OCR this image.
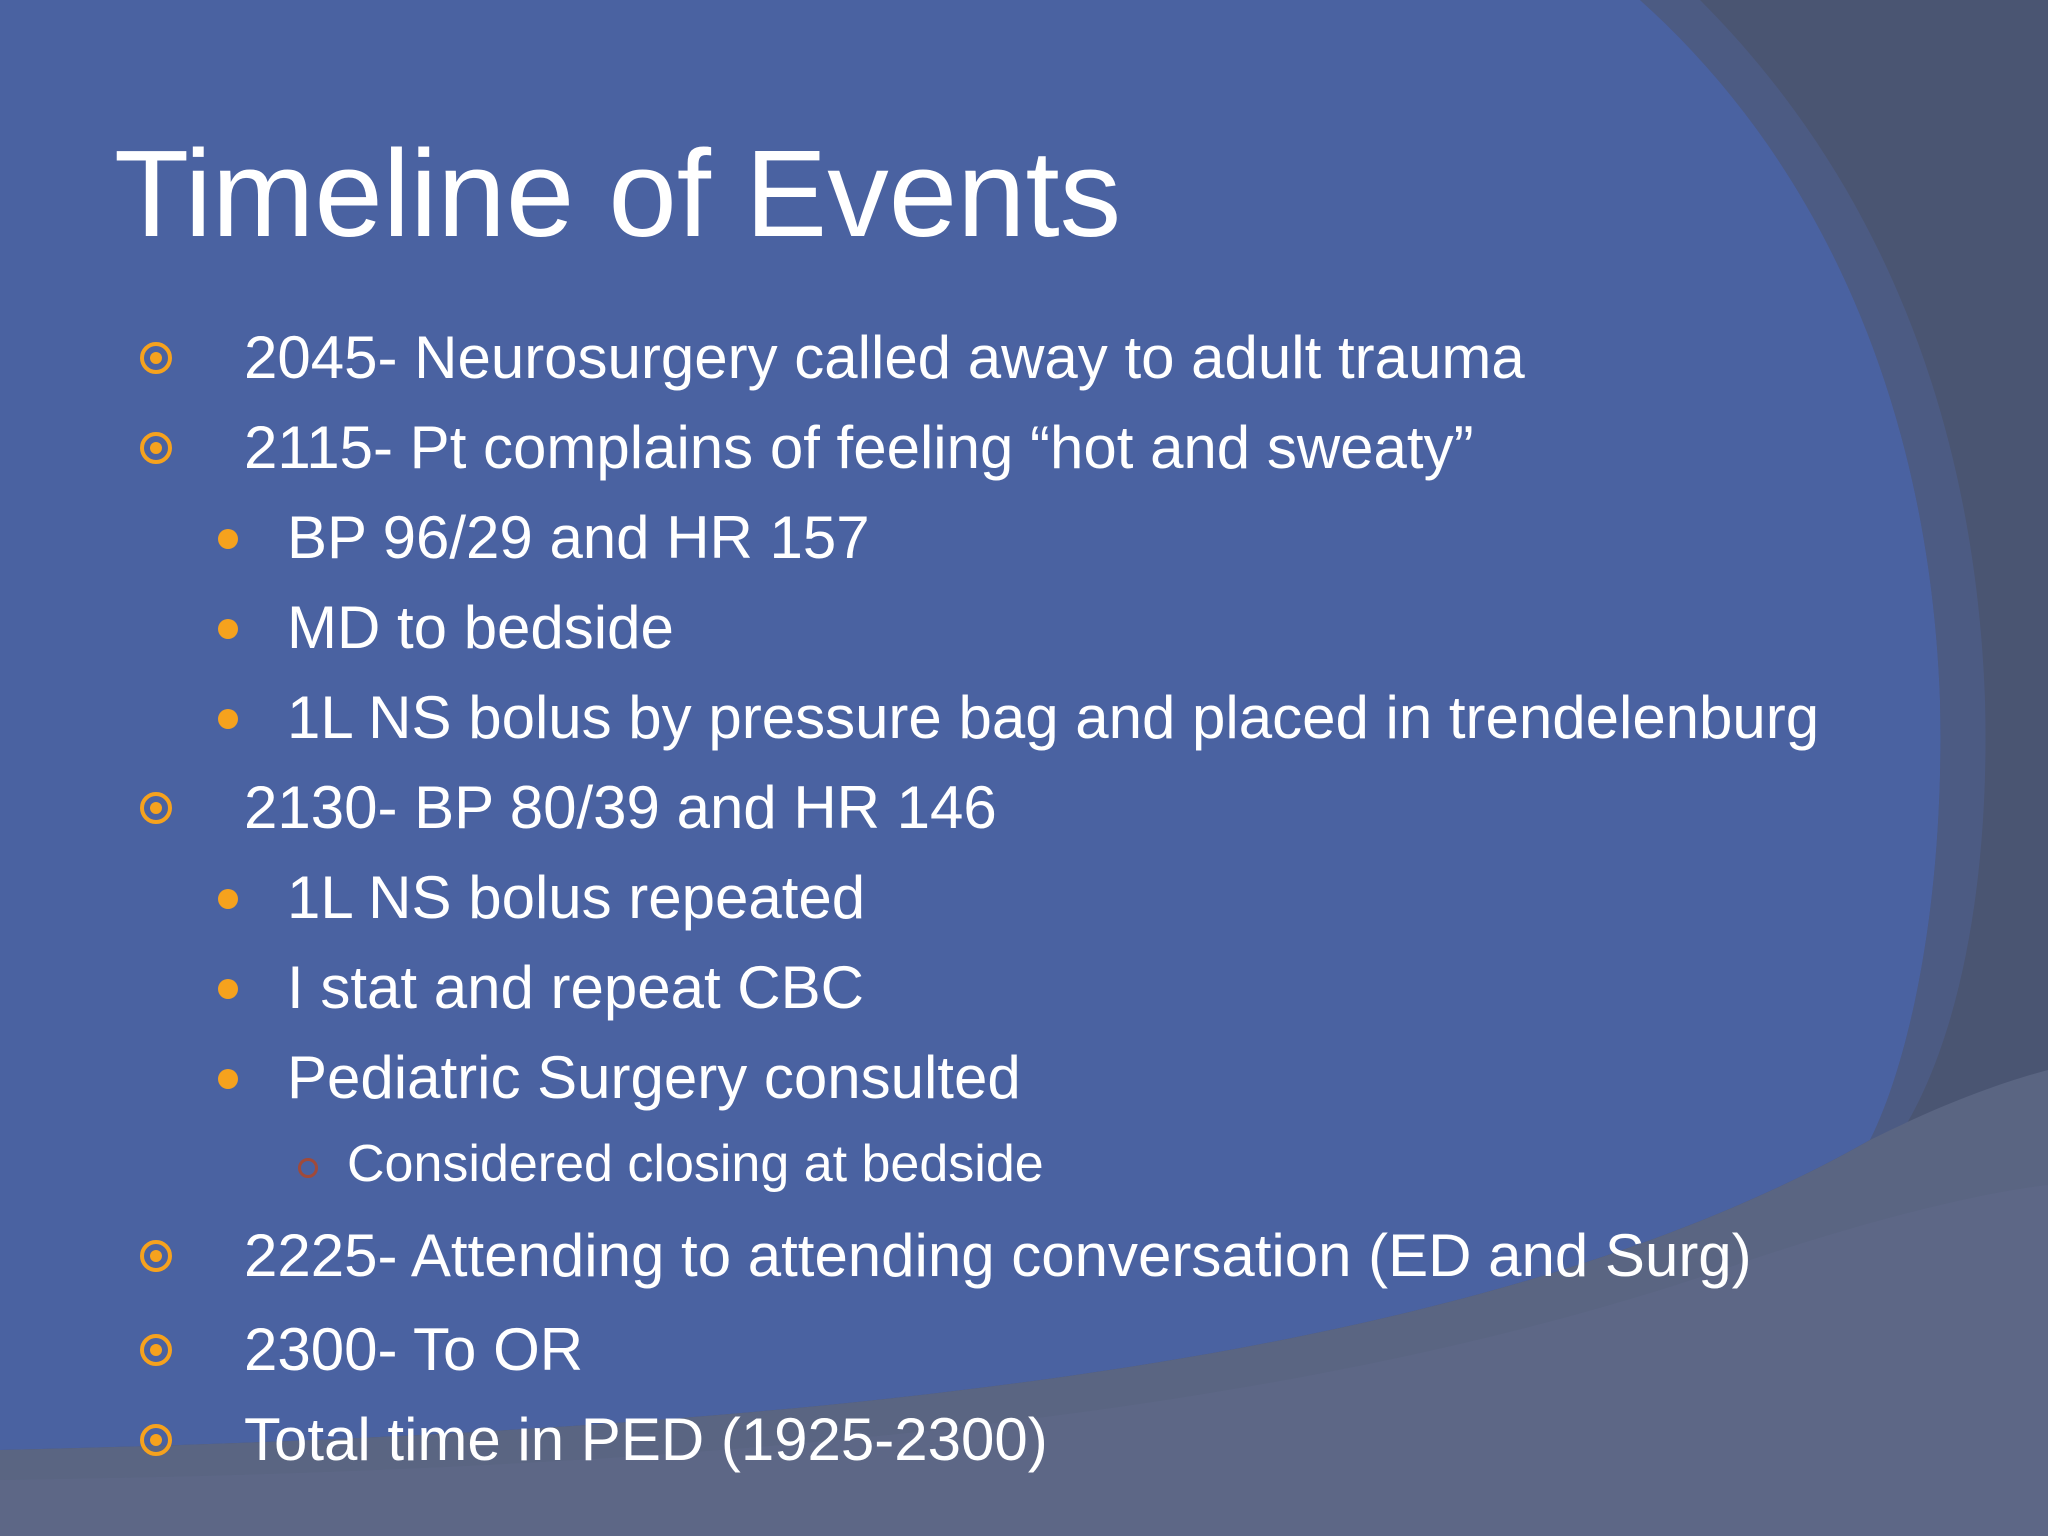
Timeline of Events
2045- Neurosurgery called away to adult trauma
2115- Pt complains of feeling “hot and sweaty”
BP 96/29 and HR 157
MD to bedside
1L NS bolus by pressure bag and placed in trendelenburg
2130- BP 80/39 and HR 146
1L NS bolus repeated
I stat and repeat CBC
Pediatric Surgery consulted
Considered closing at bedside
2225- Attending to attending conversation (ED and Surg)
2300- To OR
Total time in PED (1925-2300)
